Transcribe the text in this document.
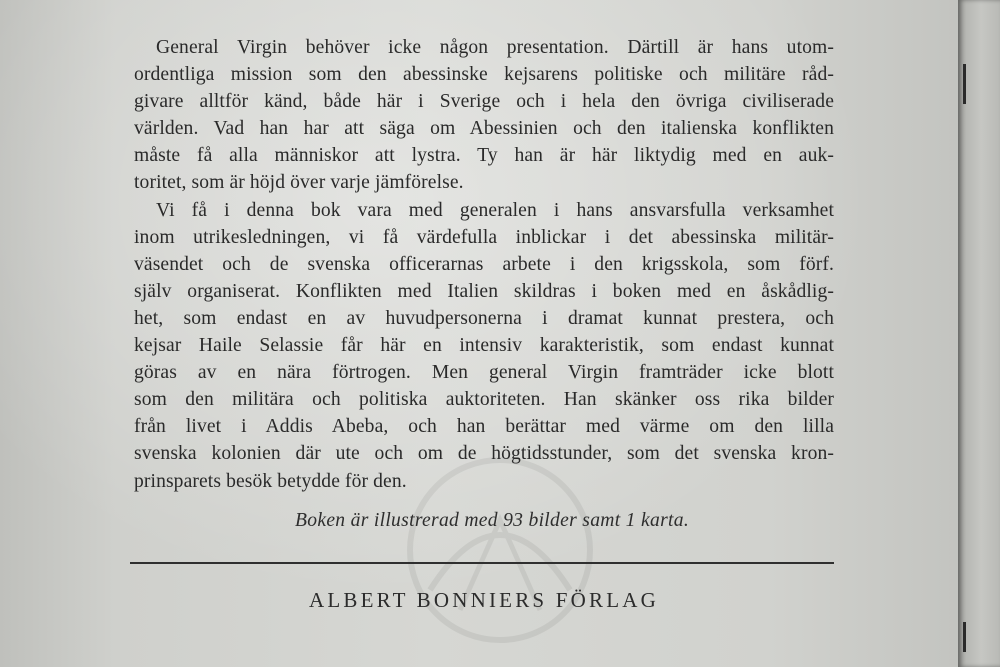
General Virgin behöver icke någon presentation. Därtill är hans utom-

ordentliga mission som den abessinske kejsarens politiske och militäre råd-

givare alltför känd, både här i Sverige och i hela den övriga civiliserade

världen. Vad han har att säga om Abessinien och den italienska konflikten

måste få alla människor att lystra. Ty han är här liktydig med en auk-

toritet, som är höjd över varje jämförelse.

Vi få i denna bok vara med generalen i hans ansvarsfulla verksamhet

inom utrikesledningen, vi få värdefulla inblickar i det abessinska militär-

väsendet och de svenska officerarnas arbete i den krigsskola, som förf.

själv organiserat. Konflikten med Italien skildras i boken med en åskådlig-

het, som endast en av huvudpersonerna i dramat kunnat prestera, och

kejsar Haile Selassie får här en intensiv karakteristik, som endast kunnat

göras av en nära förtrogen. Men general Virgin framträder icke blott

som den militära och politiska auktoriteten. Han skänker oss rika bilder

från livet i Addis Abeba, och han berättar med värme om den lilla

svenska kolonien där ute och om de högtidsstunder, som det svenska kron-

prinsparets besök betydde för den.

Boken är illustrerad med 93 bilder samt 1 karta.
ALBERT BONNIERS FÖRLAG
